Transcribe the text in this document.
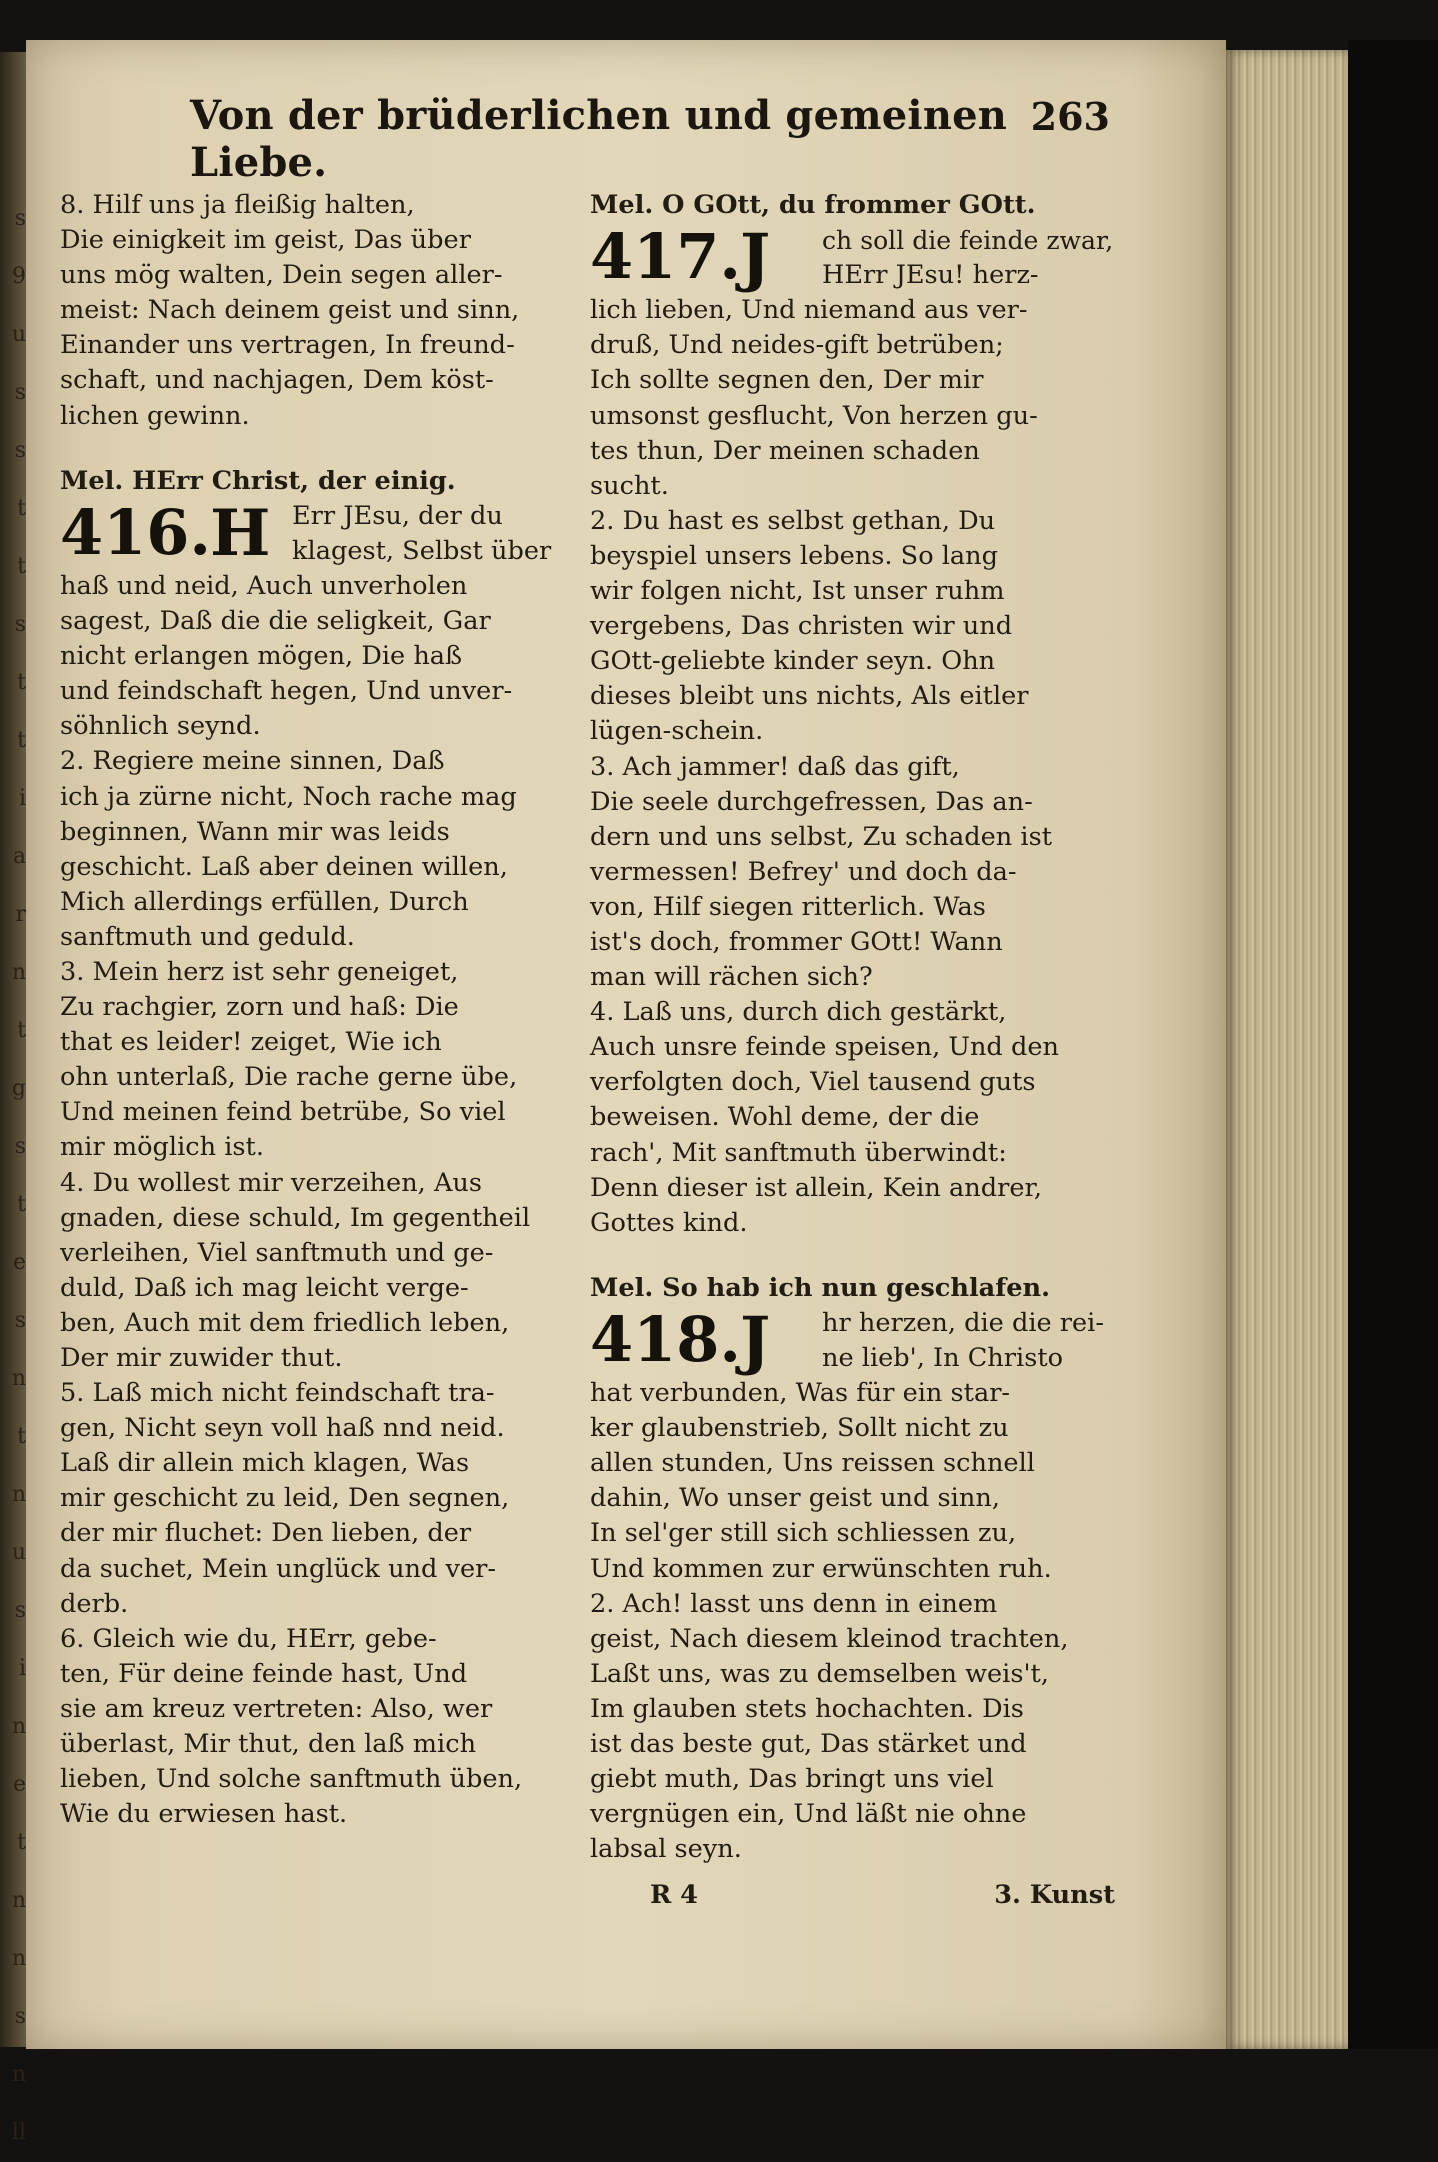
s
9
u
s
s
t
t
s
t
t
i
a
r
n
t
g
s
t
e
s
n
t
n
u
s
i
n
e
t
n
n
s
n
ll
Von der brüderlichen und gemeinen Liebe.
263
8. Hilf uns ja fleißig halten,
Die einigkeit im geist, Das über
uns mög walten, Dein segen aller-
meist: Nach deinem geist und sinn,
Einander uns vertragen, In freund-
schaft, und nachjagen, Dem köst-
lichen gewinn.
Mel. HErr Christ, der einig.
416.
H Err JEsu, der du
klagest, Selbst über
haß und neid, Auch unverholen
sagest, Daß die die seligkeit, Gar
nicht erlangen mögen, Die haß
und feindschaft hegen, Und unver-
söhnlich seynd.
2. Regiere meine sinnen, Daß
ich ja zürne nicht, Noch rache mag
beginnen, Wann mir was leids
geschicht. Laß aber deinen willen,
Mich allerdings erfüllen, Durch
sanftmuth und geduld.
3. Mein herz ist sehr geneiget,
Zu rachgier, zorn und haß: Die
that es leider! zeiget, Wie ich
ohn unterlaß, Die rache gerne übe,
Und meinen feind betrübe, So viel
mir möglich ist.
4. Du wollest mir verzeihen, Aus
gnaden, diese schuld, Im gegentheil
verleihen, Viel sanftmuth und ge-
duld, Daß ich mag leicht verge-
ben, Auch mit dem friedlich leben,
Der mir zuwider thut.
5. Laß mich nicht feindschaft tra-
gen, Nicht seyn voll haß nnd neid.
Laß dir allein mich klagen, Was
mir geschicht zu leid, Den segnen,
der mir fluchet: Den lieben, der
da suchet, Mein unglück und ver-
derb.
6. Gleich wie du, HErr, gebe-
ten, Für deine feinde hast, Und
sie am kreuz vertreten: Also, wer
überlast, Mir thut, den laß mich
lieben, Und solche sanftmuth üben,
Wie du erwiesen hast.
Mel. O GOtt, du frommer GOtt.
417.
J ch soll die feinde zwar,
HErr JEsu! herz-
lich lieben, Und niemand aus ver-
druß, Und neides-gift betrüben;
Ich sollte segnen den, Der mir
umsonst gesflucht, Von herzen gu-
tes thun, Der meinen schaden
sucht.
2. Du hast es selbst gethan, Du
beyspiel unsers lebens. So lang
wir folgen nicht, Ist unser ruhm
vergebens, Das christen wir und
GOtt-geliebte kinder seyn. Ohn
dieses bleibt uns nichts, Als eitler
lügen-schein.
3. Ach jammer! daß das gift,
Die seele durchgefressen, Das an-
dern und uns selbst, Zu schaden ist
vermessen! Befrey' und doch da-
von, Hilf siegen ritterlich. Was
ist's doch, frommer GOtt! Wann
man will rächen sich?
4. Laß uns, durch dich gestärkt,
Auch unsre feinde speisen, Und den
verfolgten doch, Viel tausend guts
beweisen. Wohl deme, der die
rach', Mit sanftmuth überwindt:
Denn dieser ist allein, Kein andrer,
Gottes kind.
Mel. So hab ich nun geschlafen.
418.
J hr herzen, die die rei-
ne lieb', In Christo
hat verbunden, Was für ein star-
ker glaubenstrieb, Sollt nicht zu
allen stunden, Uns reissen schnell
dahin, Wo unser geist und sinn,
In sel'ger still sich schliessen zu,
Und kommen zur erwünschten ruh.
2. Ach! lasst uns denn in einem
geist, Nach diesem kleinod trachten,
Laßt uns, was zu demselben weis't,
Im glauben stets hochachten. Dis
ist das beste gut, Das stärket und
giebt muth, Das bringt uns viel
vergnügen ein, Und läßt nie ohne
labsal seyn.
R 4	3. Kunst
